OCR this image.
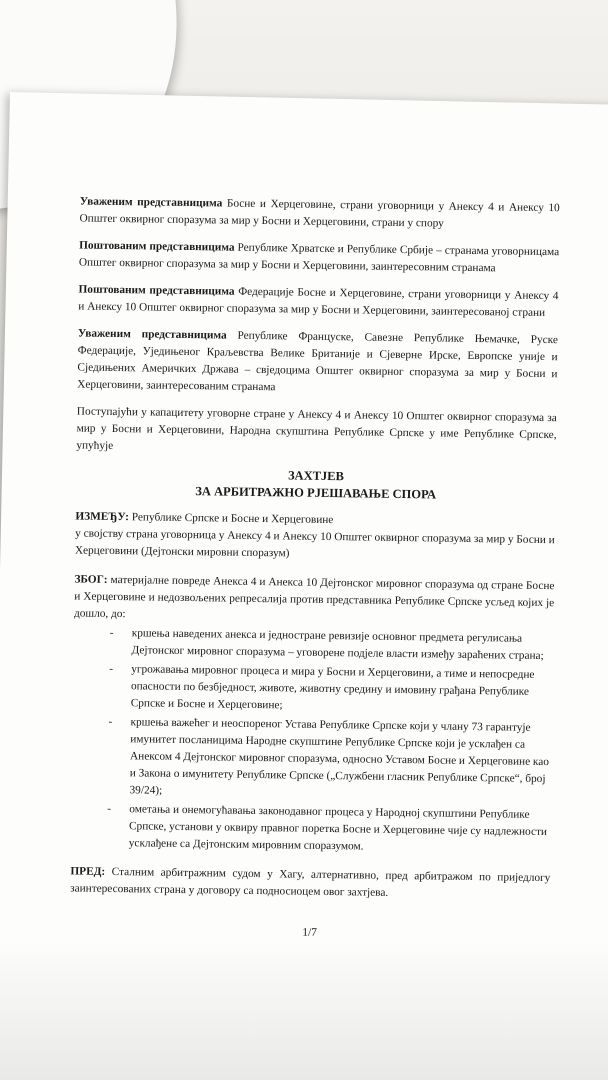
Уваженим представницима Босне и Херцеговине, страни уговорници у Анексу 4 и Анексу 10 Општег оквирног споразума за мир у Босни и Херцеговини, страни у спору

Поштованим представницима Републике Хрватске и Републике Србије – странама уговорницама Општег оквирног споразума за мир у Босни и Херцеговини, заинтересовним странама

Поштованим представницима Федерације Босне и Херцеговине, страни уговорници у Анексу 4 и Анексу 10 Општег оквирног споразума за мир у Босни и Херцеговини, заинтересованој страни

Уваженим представницима Републике Француске, Савезне Републике Њемачке, Руске Федерације, Уједињеног Краљевства Велике Британије и Сјеверне Ирске, Европске уније и Сједињених Америчких Држава – свједоцима Општег оквирног споразума за мир у Босни и Херцеговини, заинтересованим странама

Поступајући у капацитету уговорне стране у Анексу 4 и Анексу 10 Општег оквирног споразума за мир у Босни и Херцеговини, Народна скупштина Републике Српске у име Републике Српске, упућује

ЗАХТЈЕВ
ЗА АРБИТРАЖНО РЈЕШАВАЊЕ СПОРА
ИЗМЕЂУ: Републике Српске и Босне и Херцеговине
у својству страна уговорница у Анексу 4 и Анексу 10 Општег оквирног споразума за мир у Босни и Херцеговини (Дејтонски мировни споразум)
ЗБОГ: материјалне повреде Анекса 4 и Анекса 10 Дејтонског мировног споразума од стране Босне и Херцеговине и недозвољених репресалија против представника Републике Српске усљед којих је дошло, до:
- кршења наведених анекса и једностране ревизије основног предмета регулисања Дејтонског мировног споразума – уговорене подјеле власти између зараћених страна;
- угрожавања мировног процеса и мира у Босни и Херцеговини, а тиме и непосредне опасности по безбједност, животе, животну средину и имовину грађана Републике Српске и Босне и Херцеговине;
- кршења важећег и неоспореног Устава Републике Српске који у члану 73 гарантује имунитет посланицима Народне скупштине Републике Српске који је усклађен са Анексом 4 Дејтонског мировног споразума, односно Уставом Босне и Херцеговине као и Закона о имунитету Републике Српске („Службени гласник Републике Српске“, број 39/24);
- ометања и онемогућавања законодавног процеса у Народној скупштини Републике Српске, установи у оквиру правног поретка Босне и Херцеговине чије су надлежности усклађене са Дејтонским мировним споразумом.
ПРЕД: Сталним арбитражним судом у Хагу, алтернативно, пред арбитражом по приједлогу заинтересованих страна у договору са подносиоцем овог захтјева.
1/7
